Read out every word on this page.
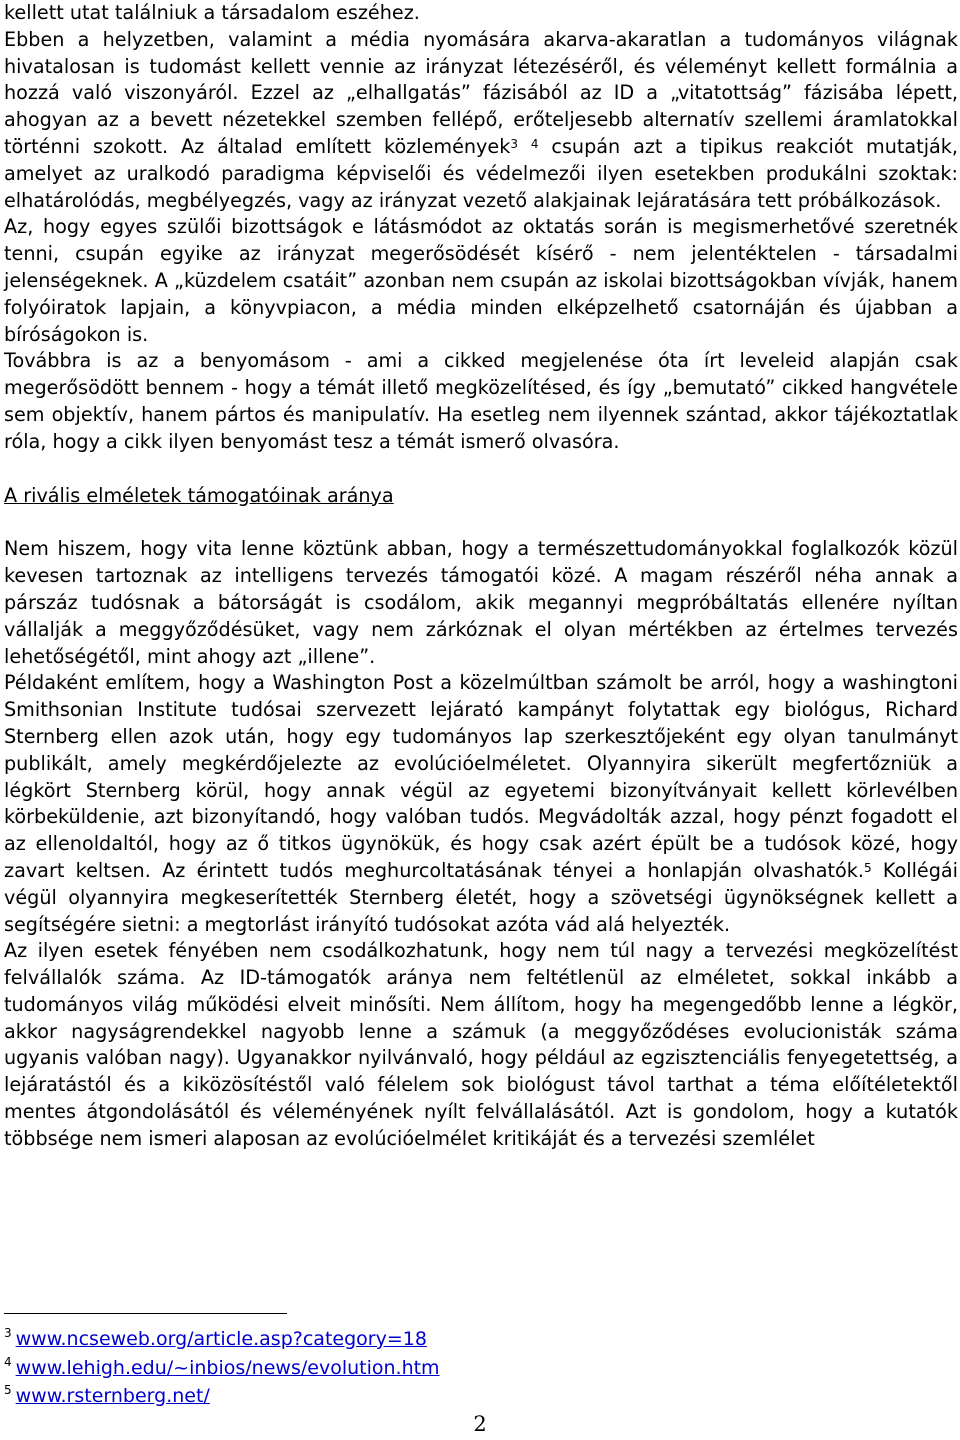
kellett utat találniuk a társadalom eszéhez.

Ebben a helyzetben, valamint a média nyomására akarva-akaratlan a tudományos világnak hivatalosan is tudomást kellett vennie az irányzat létezéséről, és véleményt kellett formálnia a hozzá való viszonyáról. Ezzel az „elhallgatás” fázisából az ID a „vitatottság” fázisába lépett, ahogyan az a bevett nézetekkel szemben fellépő, erőteljesebb alternatív szellemi áramlatokkal történni szokott. Az általad említett közlemények$^3$ $^4$ csupán azt a tipikus reakciót mutatják, amelyet az uralkodó paradigma képviselői és védelmezői ilyen esetekben produkálni szoktak: elhatárolódás, megbélyegzés, vagy az irányzat vezető alakjainak lejáratására tett próbálkozások.

Az, hogy egyes szülői bizottságok e látásmódot az oktatás során is megismerhetővé szeretnék tenni, csupán egyike az irányzat megerősödését kísérő - nem jelentéktelen - társadalmi jelenségeknek. A „küzdelem csatáit” azonban nem csupán az iskolai bizottságokban vívják, hanem folyóiratok lapjain, a könyvpiacon, a média minden elképzelhető csatornáján és újabban a bíróságokon is.

Továbbra is az a benyomásom - ami a cikked megjelenése óta írt leveleid alapján csak megerősödött bennem - hogy a témát illető megközelítésed, és így „bemutató” cikked hangvétele sem objektív, hanem pártos és manipulatív. Ha esetleg nem ilyennek szántad, akkor tájékoztatlak róla, hogy a cikk ilyen benyomást tesz a témát ismerő olvasóra.

A rivális elméletek támogatóinak aránya

Nem hiszem, hogy vita lenne köztünk abban, hogy a természettudományokkal foglalkozók közül kevesen tartoznak az intelligens tervezés támogatói közé. A magam részéről néha annak a párszáz tudósnak a bátorságát is csodálom, akik megannyi megpróbáltatás ellenére nyíltan vállalják a meggyőződésüket, vagy nem zárkóznak el olyan mértékben az értelmes tervezés lehetőségétől, mint ahogy azt „illene”.

Példaként említem, hogy a Washington Post a közelmúltban számolt be arról, hogy a washingtoni Smithsonian Institute tudósai szervezett lejárató kampányt folytattak egy biológus, Richard Sternberg ellen azok után, hogy egy tudományos lap szerkesztőjeként egy olyan tanulmányt publikált, amely megkérdőjelezte az evolúcióelméletet. Olyannyira sikerült megfertőzniük a légkört Sternberg körül, hogy annak végül az egyetemi bizonyítványait kellett körlevélben körbeküldenie, azt bizonyítandó, hogy valóban tudós. Megvádolták azzal, hogy pénzt fogadott el az ellenoldaltól, hogy az ő titkos ügynökük, és hogy csak azért épült be a tudósok közé, hogy zavart keltsen. Az érintett tudós meghurcoltatásának tényei a honlapján olvashatók.$^5$ Kollégái végül olyannyira megkeserítették Sternberg életét, hogy a szövetségi ügynökségnek kellett a segítségére sietni: a megtorlást irányító tudósokat azóta vád alá helyezték.

Az ilyen esetek fényében nem csodálkozhatunk, hogy nem túl nagy a tervezési megközelítést felvállalók száma. Az ID-támogatók aránya nem feltétlenül az elméletet, sokkal inkább a tudományos világ működési elveit minősíti. Nem állítom, hogy ha megengedőbb lenne a légkör, akkor nagyságrendekkel nagyobb lenne a számuk (a meggyőződéses evolucionisták száma ugyanis valóban nagy). Ugyanakkor nyilvánvaló, hogy például az egzisztenciális fenyegetettség, a lejáratástól és a kiközösítéstől való félelem sok biológust távol tarthat a téma előítéletektől mentes átgondolásától és véleményének nyílt felvállalásától. Azt is gondolom, hogy a kutatók többsége nem ismeri alaposan az evolúcióelmélet kritikáját és a tervezési szemlélet

$^3$ www.ncseweb.org/article.asp?category=18
$^4$ www.lehigh.edu/~inbios/news/evolution.htm
$^5$ www.rsternberg.net/
2
